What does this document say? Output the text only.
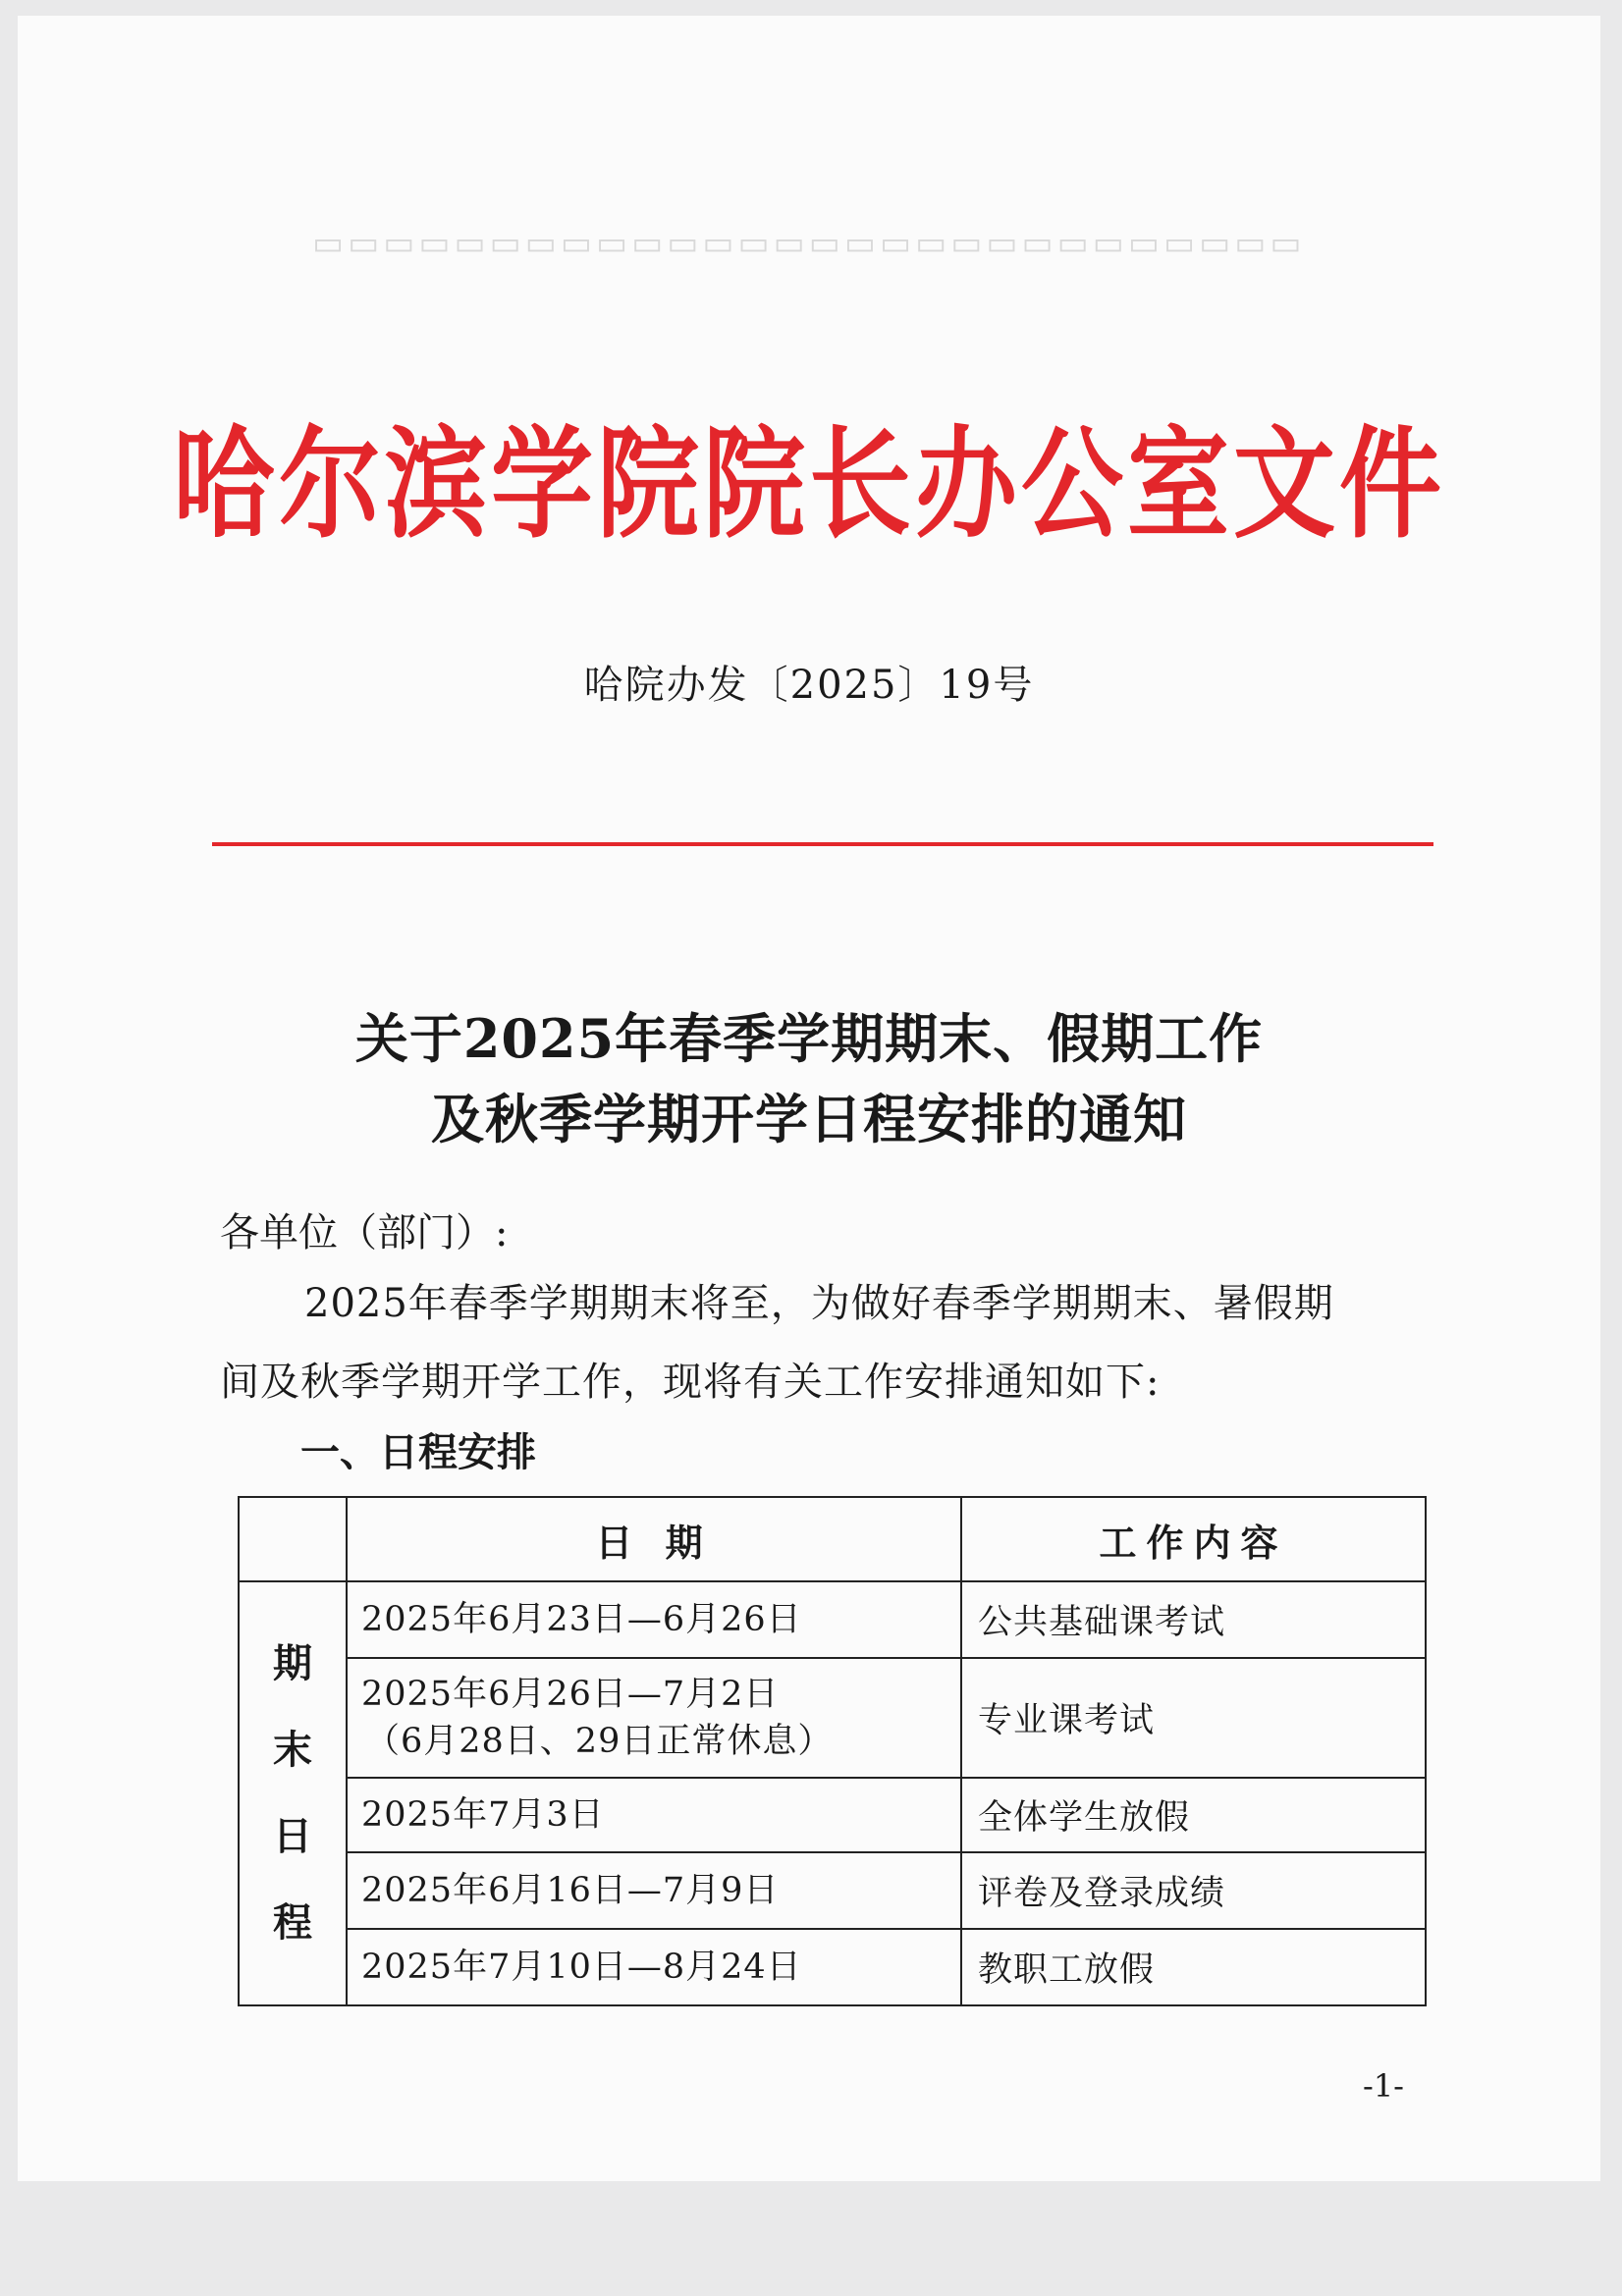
▭▭▭▭▭▭▭▭▭▭▭▭▭▭▭▭▭▭▭▭▭▭▭▭▭▭▭▭
哈尔滨学院院长办公室文件
哈院办发〔2025〕19号
关于2025年春季学期期末、假期工作
及秋季学期开学日程安排的通知
各单位（部门）:
2025年春季学期期末将至，为做好春季学期期末、暑假期
间及秋季学期开学工作，现将有关工作安排通知如下:
一、日程安排
	日 期	工作内容
期
末
日
程	2025年6月23日—6月26日	公共基础课考试
	2025年6月26日—7月2日
（6月28日、29日正常休息）	专业课考试
	2025年7月3日	全体学生放假
	2025年6月16日—7月9日	评卷及登录成绩
	2025年7月10日—8月24日	教职工放假
-1-
